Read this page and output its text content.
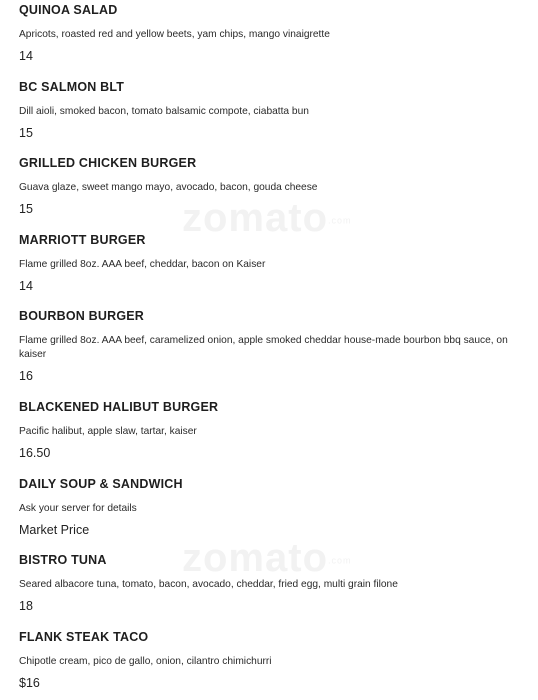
zomato.com
zomato.com

QUINOA SALAD

Apricots, roasted red and yellow beets, yam chips, mango vinaigrette

14

BC SALMON BLT

Dill aioli, smoked bacon, tomato balsamic compote, ciabatta bun

15

GRILLED CHICKEN BURGER

Guava glaze, sweet mango mayo, avocado, bacon, gouda cheese

15

MARRIOTT BURGER

Flame grilled 8oz. AAA beef, cheddar, bacon on Kaiser

14

BOURBON BURGER

Flame grilled 8oz. AAA beef, caramelized onion, apple smoked cheddar house-made bourbon bbq sauce, on kaiser

16

BLACKENED HALIBUT BURGER

Pacific halibut, apple slaw, tartar, kaiser

16.50

DAILY SOUP & SANDWICH

Ask your server for details

Market Price

BISTRO TUNA

Seared albacore tuna, tomato, bacon, avocado, cheddar, fried egg, multi grain filone

18

FLANK STEAK TACO

Chipotle cream, pico de gallo, onion, cilantro chimichurri

$16
